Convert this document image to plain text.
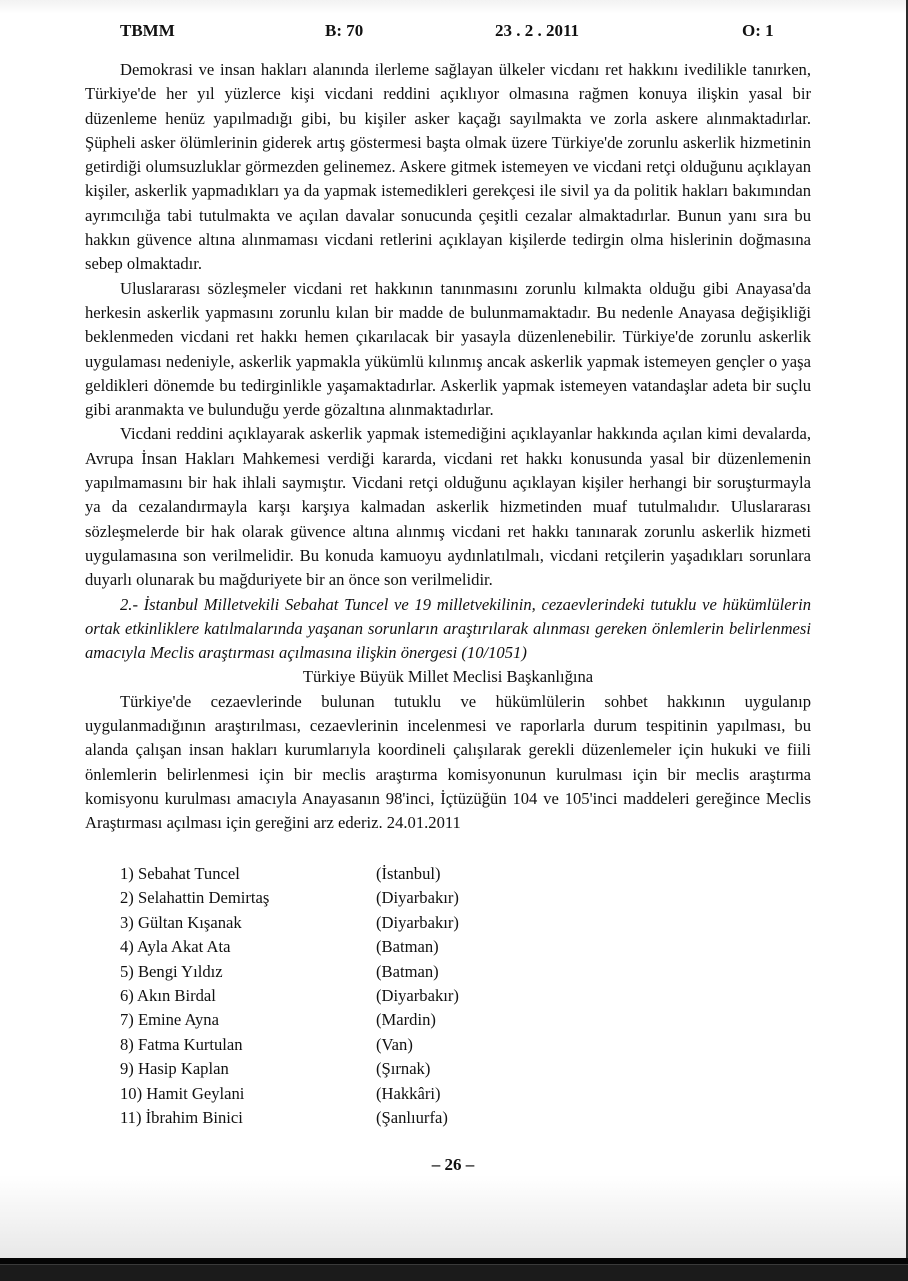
TBMM	B: 70	23 . 2 . 2011	O: 1

Demokrasi ve insan hakları alanında ilerleme sağlayan ülkeler vicdanı ret hakkını ivedilikle tanırken, Türkiye'de her yıl yüzlerce kişi vicdani reddini açıklıyor olmasına rağmen konuya ilişkin yasal bir düzenleme henüz yapılmadığı gibi, bu kişiler asker kaçağı sayılmakta ve zorla askere alınmaktadırlar. Şüpheli asker ölümlerinin giderek artış göstermesi başta olmak üzere Türkiye'de zorunlu askerlik hizmetinin getirdiği olumsuzluklar görmezden gelinemez. Askere gitmek istemeyen ve vicdani retçi olduğunu açıklayan kişiler, askerlik yapmadıkları ya da yapmak istemedikleri gerekçesi ile sivil ya da politik hakları bakımından ayrımcılığa tabi tutulmakta ve açılan davalar sonucunda çeşitli cezalar almaktadırlar. Bunun yanı sıra bu hakkın güvence altına alınmaması vicdani retlerini açıklayan kişilerde tedirgin olma hislerinin doğmasına sebep olmaktadır.

Uluslararası sözleşmeler vicdani ret hakkının tanınmasını zorunlu kılmakta olduğu gibi Anayasa'da herkesin askerlik yapmasını zorunlu kılan bir madde de bulunmamaktadır. Bu nedenle Anayasa değişikliği beklenmeden vicdani ret hakkı hemen çıkarılacak bir yasayla düzenlenebilir. Türkiye'de zorunlu askerlik uygulaması nedeniyle, askerlik yapmakla yükümlü kılınmış ancak askerlik yapmak istemeyen gençler o yaşa geldikleri dönemde bu tedirginlikle yaşamaktadırlar. Askerlik yapmak istemeyen vatandaşlar adeta bir suçlu gibi aranmakta ve bulunduğu yerde gözaltına alınmaktadırlar.

Vicdani reddini açıklayarak askerlik yapmak istemediğini açıklayanlar hakkında açılan kimi devalarda, Avrupa İnsan Hakları Mahkemesi verdiği kararda, vicdani ret hakkı konusunda yasal bir düzenlemenin yapılmamasını bir hak ihlali saymıştır. Vicdani retçi olduğunu açıklayan kişiler herhangi bir soruşturmayla ya da cezalandırmayla karşı karşıya kalmadan askerlik hizmetinden muaf tutulmalıdır. Uluslararası sözleşmelerde bir hak olarak güvence altına alınmış vicdani ret hakkı tanınarak zorunlu askerlik hizmeti uygulamasına son verilmelidir. Bu konuda kamuoyu aydınlatılmalı, vicdani retçilerin yaşadıkları sorunlara duyarlı olunarak bu mağduriyete bir an önce son verilmelidir.

2.- İstanbul Milletvekili Sebahat Tuncel ve 19 milletvekilinin, cezaevlerindeki tutuklu ve hükümlülerin ortak etkinliklere katılmalarında yaşanan sorunların araştırılarak alınması gereken önlemlerin belirlenmesi amacıyla Meclis araştırması açılmasına ilişkin önergesi (10/1051)

Türkiye Büyük Millet Meclisi Başkanlığına

Türkiye'de cezaevlerinde bulunan tutuklu ve hükümlülerin sohbet hakkının uygulanıp uygulanmadığının araştırılması, cezaevlerinin incelenmesi ve raporlarla durum tespitinin yapılması, bu alanda çalışan insan hakları kurumlarıyla koordineli çalışılarak gerekli düzenlemeler için hukuki ve fiili önlemlerin belirlenmesi için bir meclis araştırma komisyonunun kurulması için bir meclis araştırma komisyonu kurulması amacıyla Anayasanın 98'inci, İçtüzüğün 104 ve 105'inci maddeleri gereğince Meclis Araştırması açılması için gereğini arz ederiz. 24.01.2011

1) Sebahat Tuncel	(İstanbul)
2) Selahattin Demirtaş	(Diyarbakır)
3) Gültan Kışanak	(Diyarbakır)
4) Ayla Akat Ata	(Batman)
5) Bengi Yıldız	(Batman)
6) Akın Birdal	(Diyarbakır)
7) Emine Ayna	(Mardin)
8) Fatma Kurtulan	(Van)
9) Hasip Kaplan	(Şırnak)
10) Hamit Geylani	(Hakkâri)
11) İbrahim Binici	(Şanlıurfa)
– 26 –
